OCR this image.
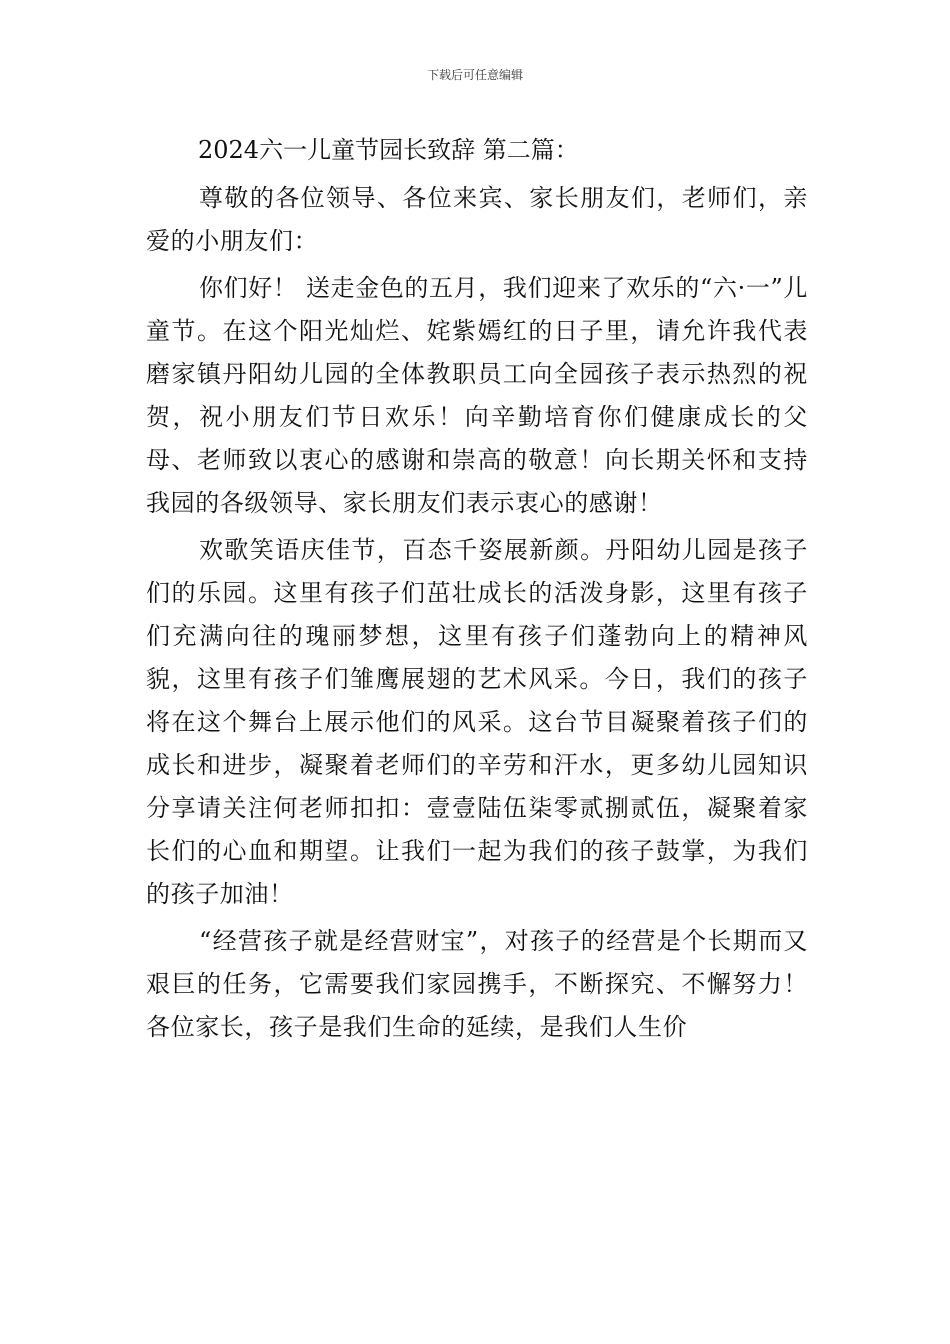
下载后可任意编辑
2024六一儿童节园长致辞 第二篇：

尊敬的各位领导、各位来宾、家长朋友们，老师们，亲爱的小朋友们：

你们好！ 送走金色的五月，我们迎来了欢乐的“六·一”儿童节。在这个阳光灿烂、姹紫嫣红的日子里，请允许我代表磨家镇丹阳幼儿园的全体教职员工向全园孩子表示热烈的祝贺，祝小朋友们节日欢乐！向辛勤培育你们健康成长的父母、老师致以衷心的感谢和崇高的敬意！向长期关怀和支持我园的各级领导、家长朋友们表示衷心的感谢！

欢歌笑语庆佳节，百态千姿展新颜。丹阳幼儿园是孩子们的乐园。这里有孩子们茁壮成长的活泼身影，这里有孩子们充满向往的瑰丽梦想，这里有孩子们蓬勃向上的精神风貌，这里有孩子们雏鹰展翅的艺术风采。今日，我们的孩子将在这个舞台上展示他们的风采。这台节目凝聚着孩子们的成长和进步，凝聚着老师们的辛劳和汗水，更多幼儿园知识分享请关注何老师扣扣：壹壹陆伍柒零贰捌贰伍，凝聚着家长们的心血和期望。让我们一起为我们的孩子鼓掌，为我们的孩子加油！

“经营孩子就是经营财宝”，对孩子的经营是个长期而又艰巨的任务，它需要我们家园携手，不断探究、不懈努力！各位家长，孩子是我们生命的延续，是我们人生价
